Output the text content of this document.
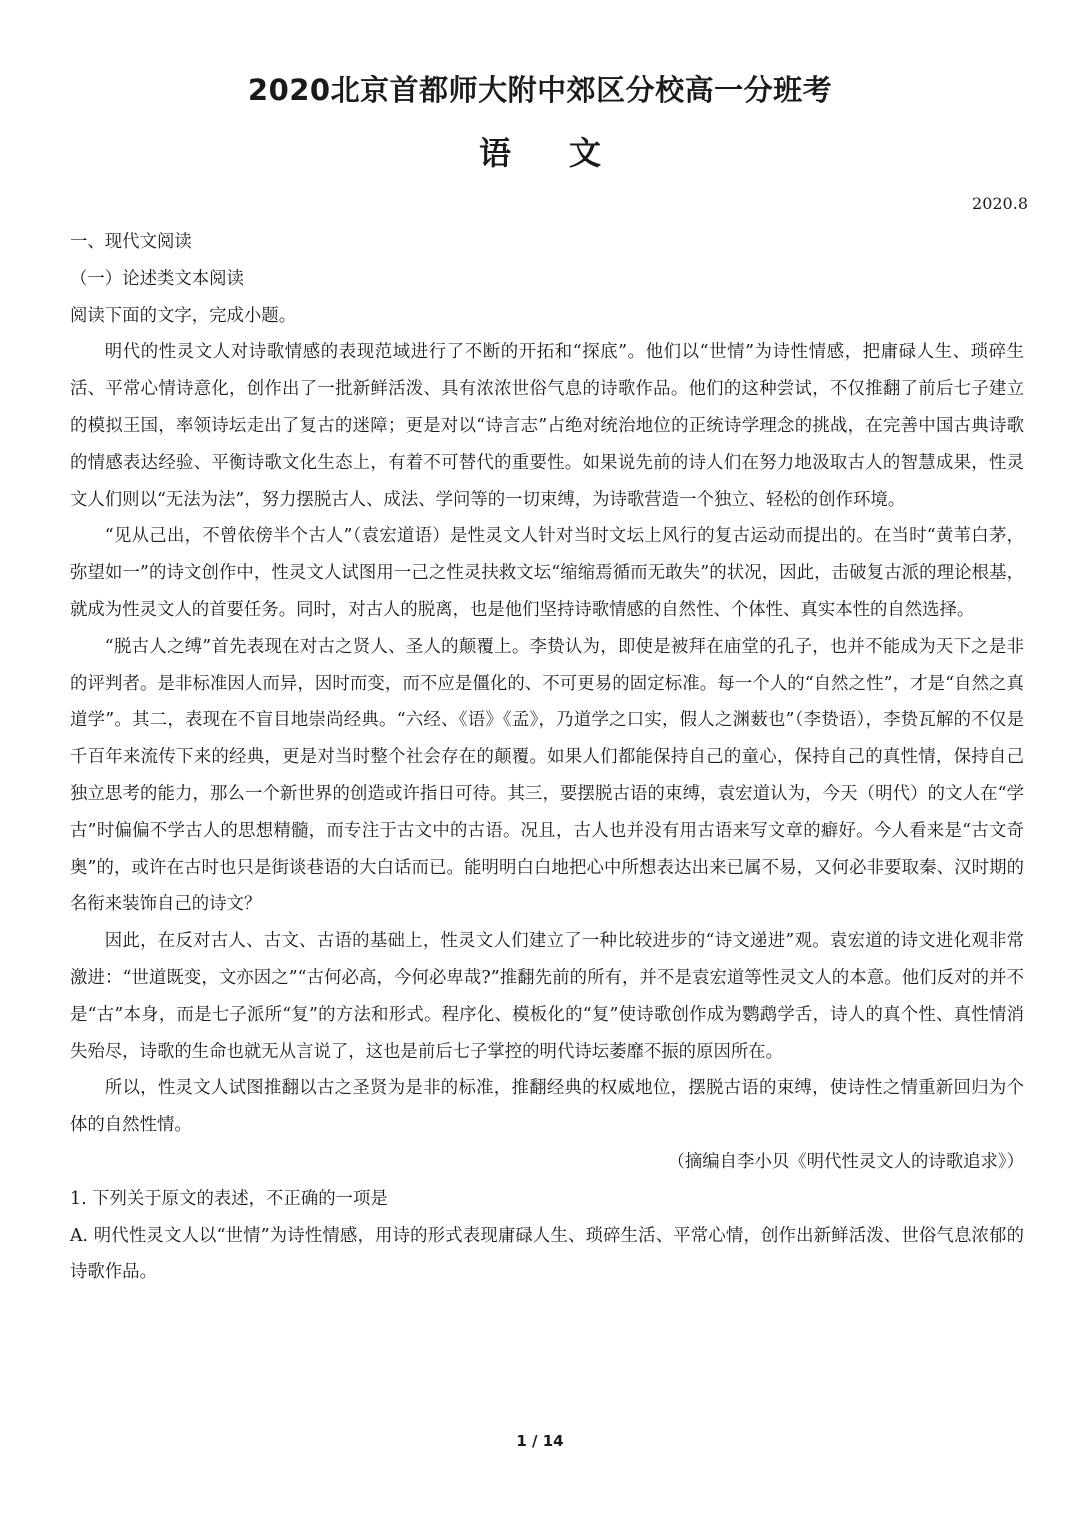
2020北京首都师大附中郊区分校高一分班考
语 文
2020.8

一、现代文阅读

（一）论述类文本阅读

阅读下面的文字，完成小题。

明代的性灵文人对诗歌情感的表现范域进行了不断的开拓和“探底”。他们以“世情”为诗性情感，把庸碌人生、琐碎生活、平常心情诗意化，创作出了一批新鲜活泼、具有浓浓世俗气息的诗歌作品。他们的这种尝试，不仅推翻了前后七子建立的模拟王国，率领诗坛走出了复古的迷障；更是对以“诗言志”占绝对统治地位的正统诗学理念的挑战，在完善中国古典诗歌的情感表达经验、平衡诗歌文化生态上，有着不可替代的重要性。如果说先前的诗人们在努力地汲取古人的智慧成果，性灵文人们则以“无法为法”，努力摆脱古人、成法、学问等的一切束缚，为诗歌营造一个独立、轻松的创作环境。

“见从己出，不曾依傍半个古人”（袁宏道语）是性灵文人针对当时文坛上风行的复古运动而提出的。在当时“黄苇白茅，弥望如一”的诗文创作中，性灵文人试图用一己之性灵扶救文坛“缩缩焉循而无敢失”的状况，因此，击破复古派的理论根基，就成为性灵文人的首要任务。同时，对古人的脱离，也是他们坚持诗歌情感的自然性、个体性、真实本性的自然选择。

“脱古人之缚”首先表现在对古之贤人、圣人的颠覆上。李贽认为，即使是被拜在庙堂的孔子，也并不能成为天下之是非的评判者。是非标准因人而异，因时而变，而不应是僵化的、不可更易的固定标准。每一个人的“自然之性”，才是“自然之真道学”。其二，表现在不盲目地崇尚经典。“六经、《语》《孟》，乃道学之口实，假人之渊薮也”（李贽语），李贽瓦解的不仅是千百年来流传下来的经典，更是对当时整个社会存在的颠覆。如果人们都能保持自己的童心，保持自己的真性情，保持自己独立思考的能力，那么一个新世界的创造或许指日可待。其三，要摆脱古语的束缚，袁宏道认为，今天（明代）的文人在“学古”时偏偏不学古人的思想精髓，而专注于古文中的古语。况且，古人也并没有用古语来写文章的癖好。今人看来是“古文奇奥”的，或许在古时也只是街谈巷语的大白话而已。能明明白白地把心中所想表达出来已属不易，又何必非要取秦、汉时期的名衔来装饰自己的诗文？

因此，在反对古人、古文、古语的基础上，性灵文人们建立了一种比较进步的“诗文递进”观。袁宏道的诗文进化观非常激进：“世道既变，文亦因之”“古何必高，今何必卑哉?”推翻先前的所有，并不是袁宏道等性灵文人的本意。他们反对的并不是“古”本身，而是七子派所“复”的方法和形式。程序化、模板化的“复”使诗歌创作成为鹦鹉学舌，诗人的真个性、真性情消失殆尽，诗歌的生命也就无从言说了，这也是前后七子掌控的明代诗坛萎靡不振的原因所在。

所以，性灵文人试图推翻以古之圣贤为是非的标准，推翻经典的权威地位，摆脱古语的束缚，使诗性之情重新回归为个体的自然性情。

（摘编自李小贝《明代性灵文人的诗歌追求》）

1. 下列关于原文的表述，不正确的一项是

A. 明代性灵文人以“世情”为诗性情感，用诗的形式表现庸碌人生、琐碎生活、平常心情，创作出新鲜活泼、世俗气息浓郁的诗歌作品。

1 / 14
